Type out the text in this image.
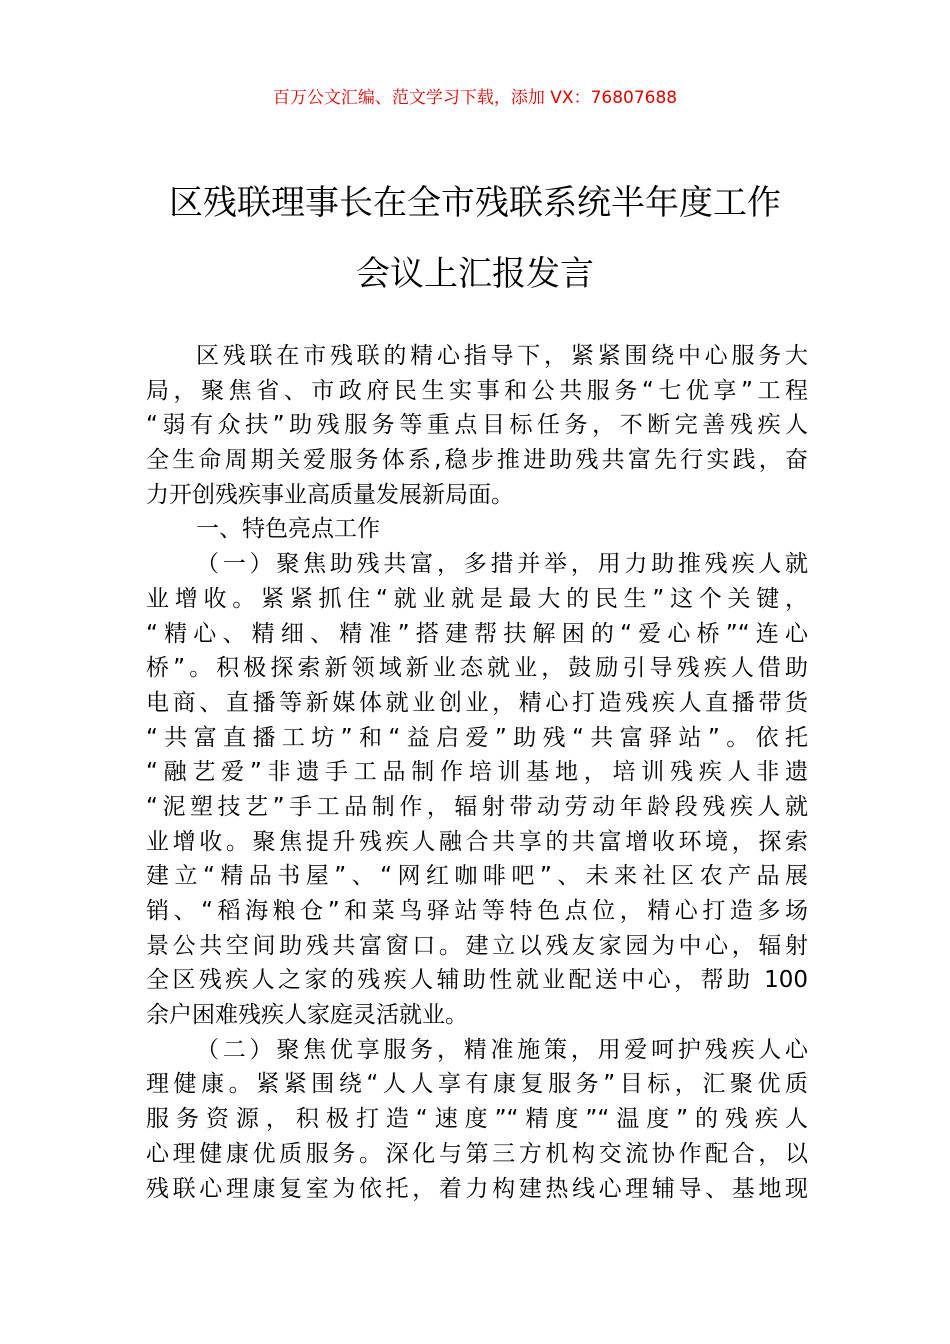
百万公文汇编、范文学习下载，添加 VX：76807688
区残联理事长在全市残联系统半年度工作
会议上汇报发言
区残联在市残联的精心指导下，紧紧围绕中心服务大
局，聚焦省、市政府民生实事和公共服务“七优享”工程
“弱有众扶”助残服务等重点目标任务，不断完善残疾人
全生命周期关爱服务体系,稳步推进助残共富先行实践，奋
力开创残疾事业高质量发展新局面。
一、特色亮点工作
（一）聚焦助残共富，多措并举，用力助推残疾人就
业增收。紧紧抓住“就业就是最大的民生”这个关键，
“精心、精细、精准”搭建帮扶解困的“爱心桥”“连心
桥”。积极探索新领域新业态就业，鼓励引导残疾人借助
电商、直播等新媒体就业创业，精心打造残疾人直播带货
“共富直播工坊”和“益启爱”助残“共富驿站”。依托
“融艺爱”非遗手工品制作培训基地，培训残疾人非遗
“泥塑技艺”手工品制作，辐射带动劳动年龄段残疾人就
业增收。聚焦提升残疾人融合共享的共富增收环境，探索
建立“精品书屋”、“网红咖啡吧”、未来社区农产品展
销、“稻海粮仓”和菜鸟驿站等特色点位，精心打造多场
景公共空间助残共富窗口。建立以残友家园为中心，辐射
全区残疾人之家的残疾人辅助性就业配送中心，帮助 100
余户困难残疾人家庭灵活就业。
（二）聚焦优享服务，精准施策，用爱呵护残疾人心
理健康。紧紧围绕“人人享有康复服务”目标，汇聚优质
服务资源，积极打造“速度”“精度”“温度”的残疾人
心理健康优质服务。深化与第三方机构交流协作配合，以
残联心理康复室为依托，着力构建热线心理辅导、基地现
